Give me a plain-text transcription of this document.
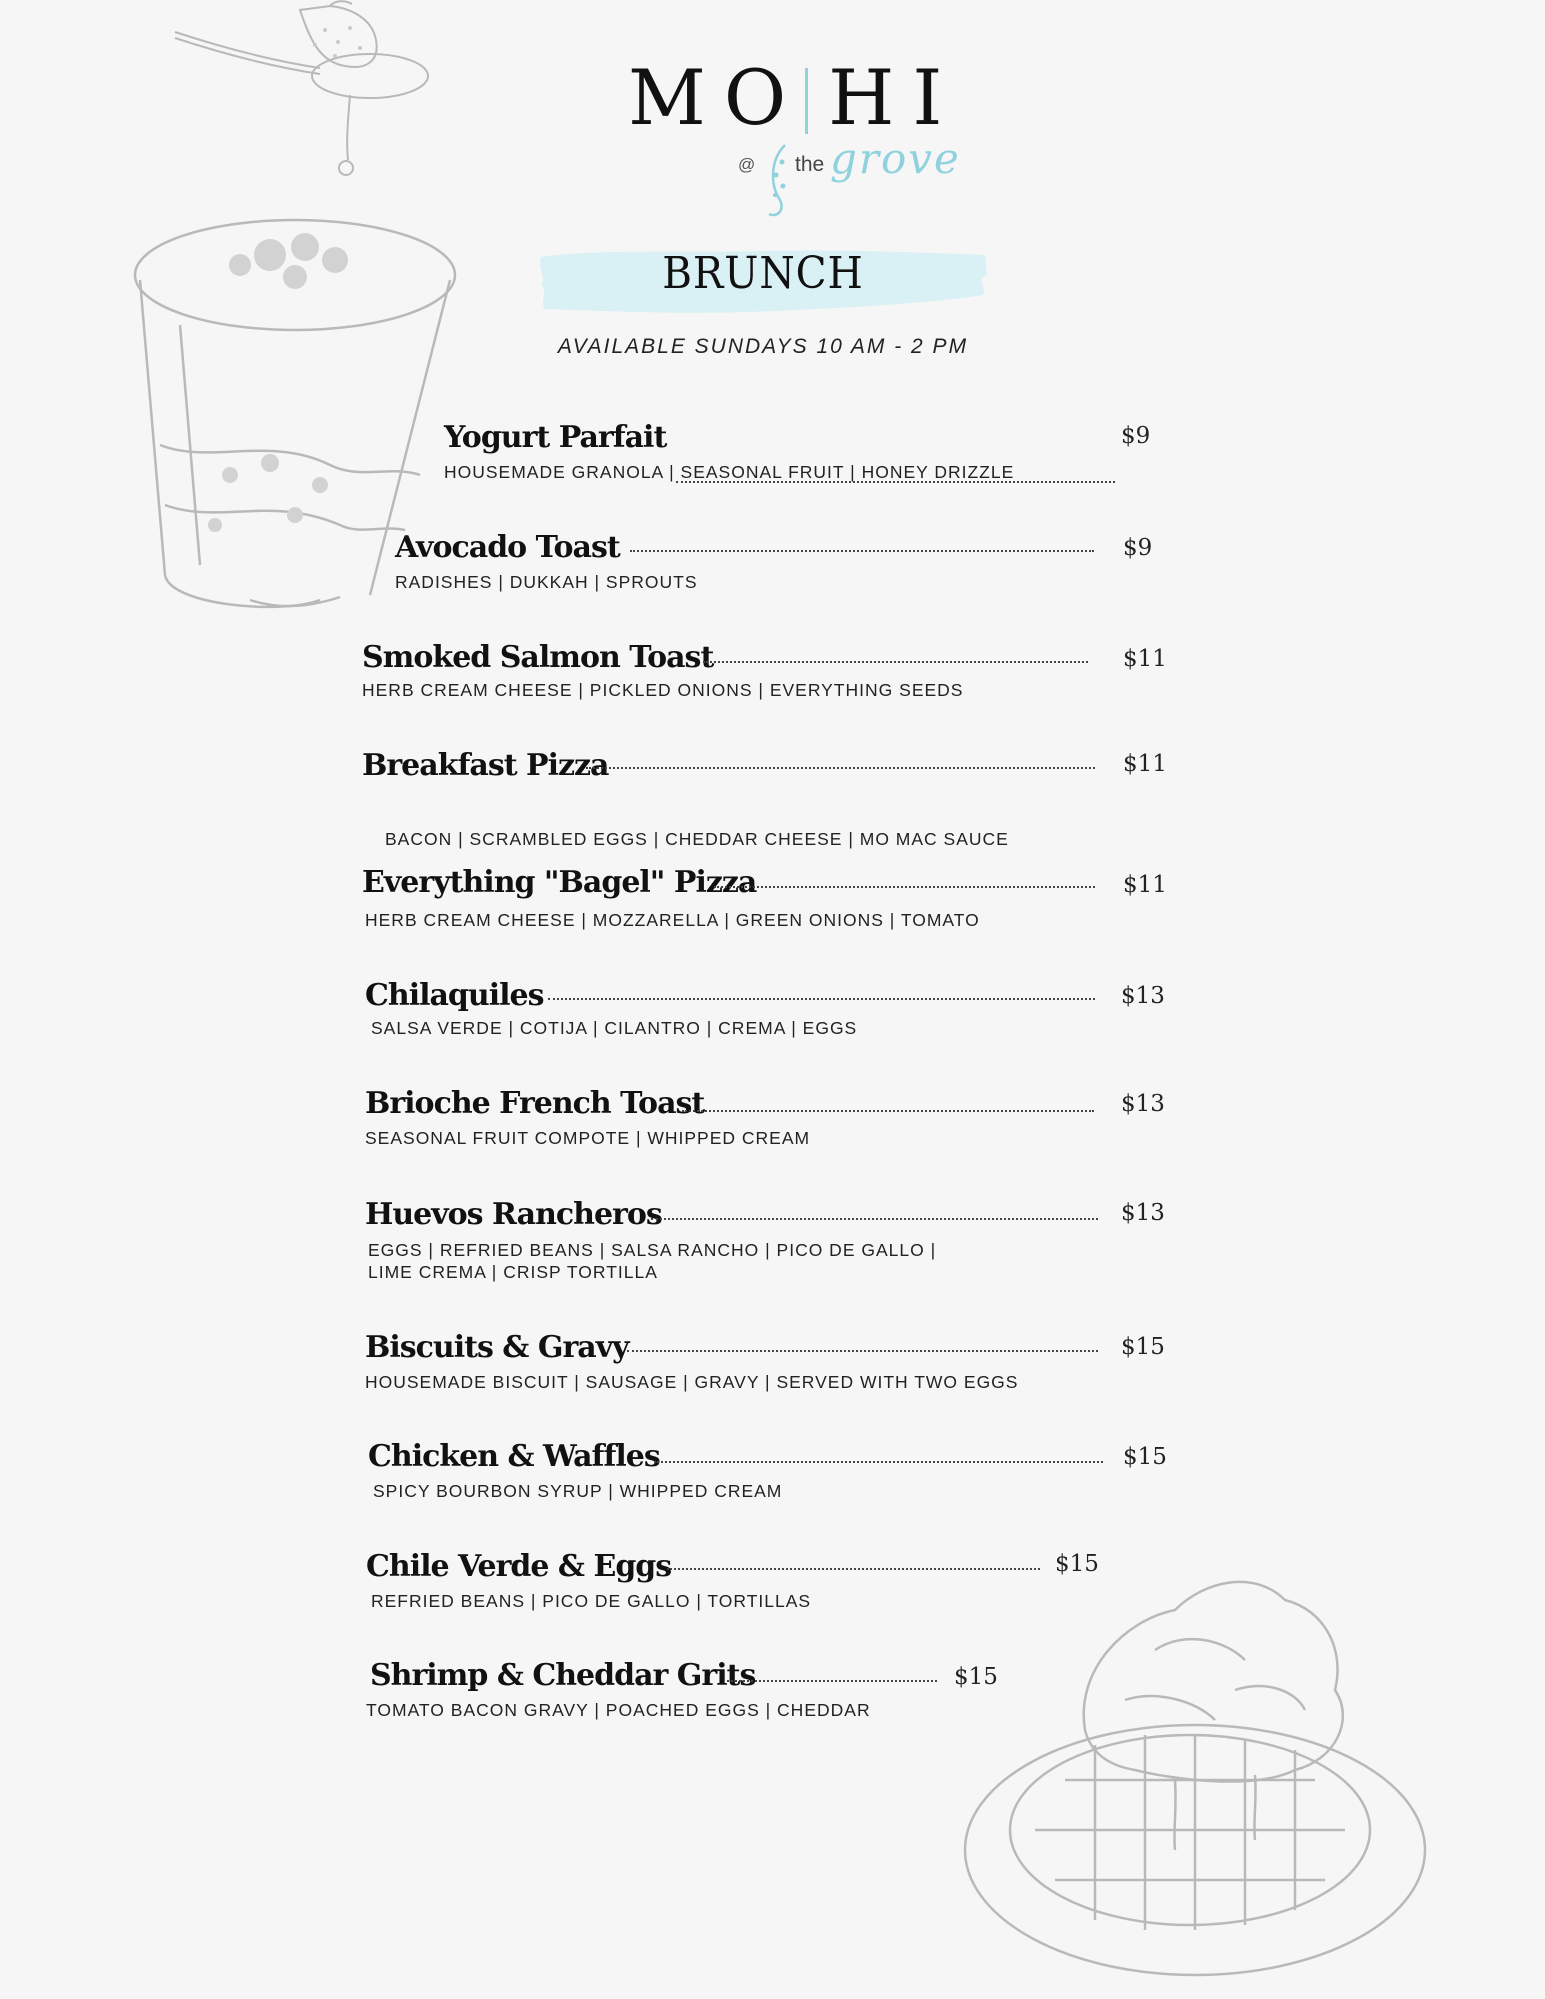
MO HI
@ the grove
BRUNCH
AVAILABLE SUNDAYS 10 AM - 2 PM
Yogurt Parfait
HOUSEMADE GRANOLA | SEASONAL FRUIT | HONEY DRIZZLE
$9
Avocado Toast	$9
RADISHES | DUKKAH | SPROUTS
Smoked Salmon Toast	$11
HERB CREAM CHEESE | PICKLED ONIONS | EVERYTHING SEEDS
Breakfast Pizza	$11
BACON | SCRAMBLED EGGS | CHEDDAR CHEESE | MO MAC SAUCE
Everything "Bagel" Pizza	$11
HERB CREAM CHEESE | MOZZARELLA | GREEN ONIONS | TOMATO
Chilaquiles	$13
SALSA VERDE | COTIJA | CILANTRO | CREMA | EGGS
Brioche French Toast	$13
SEASONAL FRUIT COMPOTE | WHIPPED CREAM
Huevos Rancheros	$13
EGGS | REFRIED BEANS | SALSA RANCHO | PICO DE GALLO |
LIME CREMA | CRISP TORTILLA
Biscuits & Gravy	$15
HOUSEMADE BISCUIT | SAUSAGE | GRAVY | SERVED WITH TWO EGGS
Chicken & Waffles	$15
SPICY BOURBON SYRUP | WHIPPED CREAM
Chile Verde & Eggs	$15
REFRIED BEANS | PICO DE GALLO | TORTILLAS
Shrimp & Cheddar Grits	$15
TOMATO BACON GRAVY | POACHED EGGS | CHEDDAR
